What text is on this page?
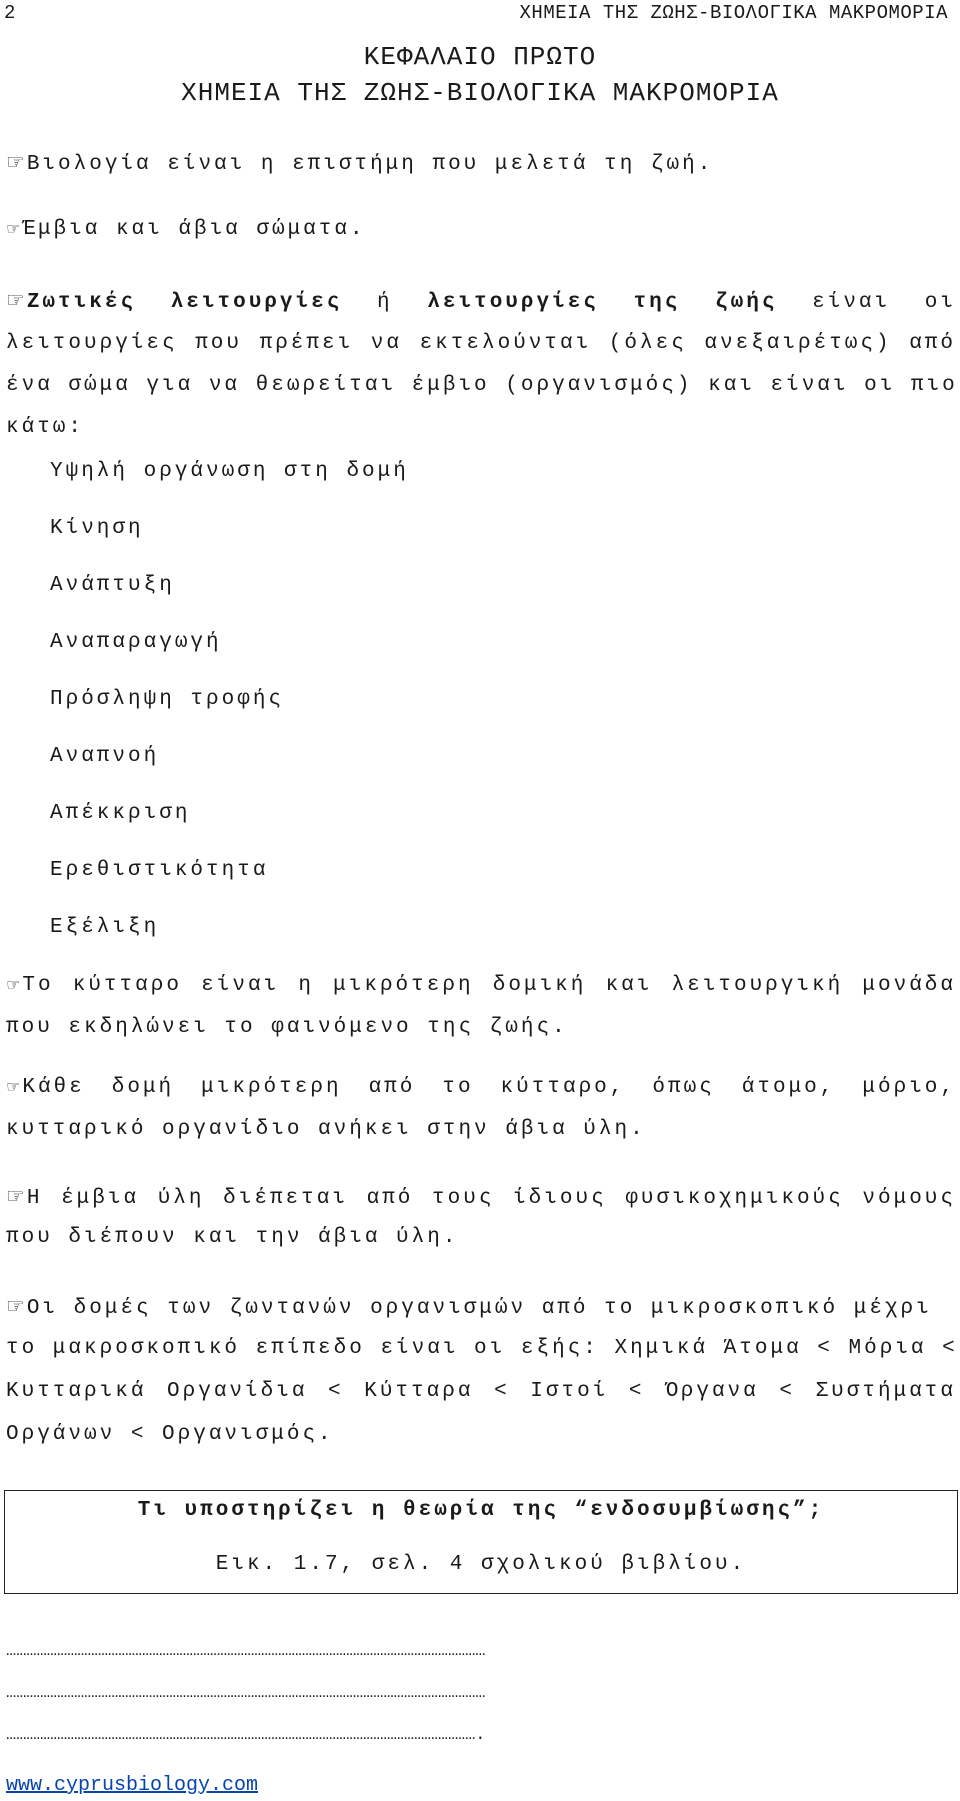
2	ΧΗΜΕΙΑ ΤΗΣ ΖΩΗΣ-ΒΙΟΛΟΓΙΚΑ ΜΑΚΡΟΜΟΡΙΑ
ΚΕΦΑΛΑΙΟ ΠΡΩΤΟ
ΧΗΜΕΙΑ ΤΗΣ ΖΩΗΣ-ΒΙΟΛΟΓΙΚΑ ΜΑΚΡΟΜΟΡΙΑ
☞Βιολογία είναι η επιστήμη που μελετά τη ζωή.
☞Έμβια και άβια σώματα.
☞Ζωτικές λειτουργίες ή λειτουργίες της ζωής είναι οι
λειτουργίες που πρέπει να εκτελούνται (όλες ανεξαιρέτως) από
ένα σώμα για να θεωρείται έμβιο (οργανισμός) και είναι οι πιο
κάτω:
Υψηλή οργάνωση στη δομή
Κίνηση
Ανάπτυξη
Αναπαραγωγή
Πρόσληψη τροφής
Αναπνοή
Απέκκριση
Ερεθιστικότητα
Εξέλιξη
☞Το κύτταρο είναι η μικρότερη δομική και λειτουργική μονάδα
που εκδηλώνει το φαινόμενο της ζωής.
☞Κάθε δομή μικρότερη από το κύτταρο, όπως άτομο, μόριο,
κυτταρικό οργανίδιο ανήκει στην άβια ύλη.
☞Η έμβια ύλη διέπεται από τους ίδιους φυσικοχημικούς νόμους
που διέπουν και την άβια ύλη.
☞Οι δομές των ζωντανών οργανισμών από το μικροσκοπικό μέχρι
το μακροσκοπικό επίπεδο είναι οι εξής: Χημικά Άτομα < Μόρια <
Κυτταρικά Οργανίδια < Κύτταρα < Ιστοί < Όργανα < Συστήματα
Οργάνων < Οργανισμός.
Τι υποστηρίζει η θεωρία της “ενδοσυμβίωσης”;
Εικ. 1.7, σελ. 4 σχολικού βιβλίου.
……………………………………………………………………………………………………………………………
……………………………………………………………………………………………………………………………
………………………………………………………………………………………………………………………….
www.cyprusbiology.com
